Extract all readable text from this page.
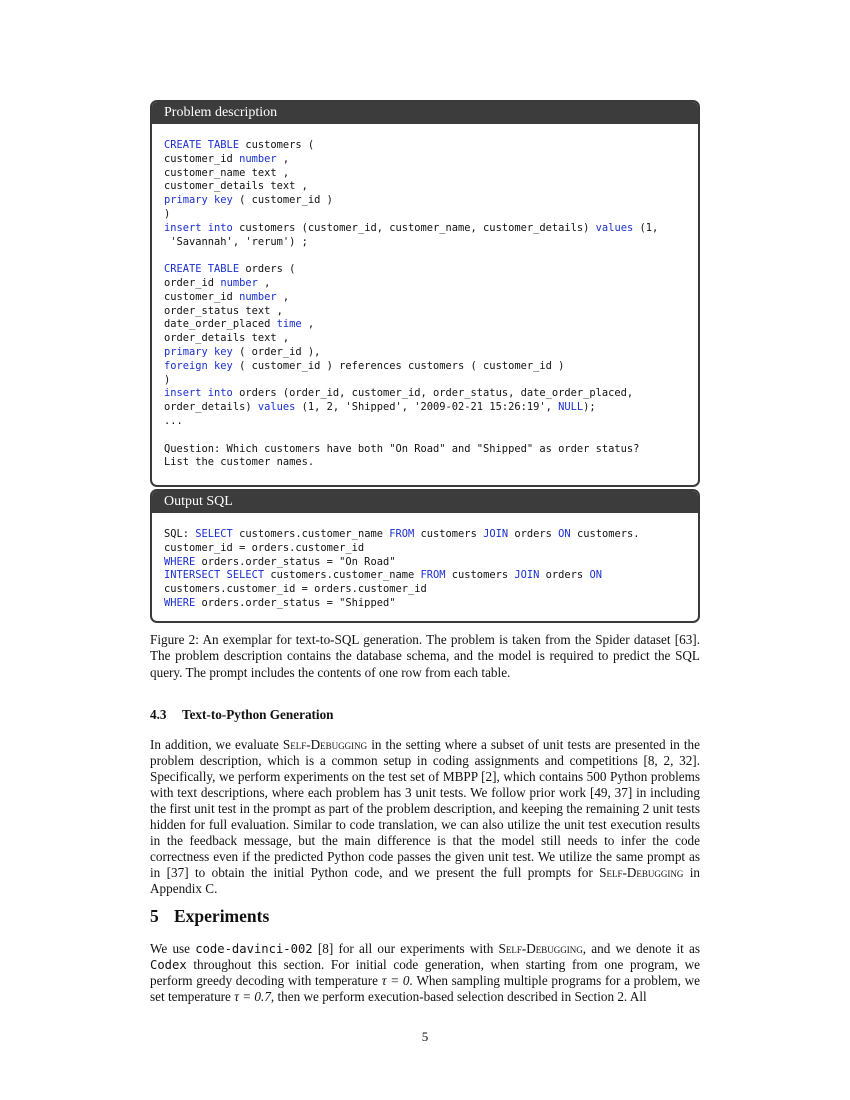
Problem description
CREATE TABLE customers (
customer_id number ,
customer_name text ,
customer_details text ,
primary key ( customer_id )
)
insert into customers (customer_id, customer_name, customer_details) values (1,
'Savannah', 'rerum') ;
CREATE TABLE orders (
order_id number ,
customer_id number ,
order_status text ,
date_order_placed time ,
order_details text ,
primary key ( order_id ),
foreign key ( customer_id ) references customers ( customer_id )
)
insert into orders (order_id, customer_id, order_status, date_order_placed,
order_details) values (1, 2, 'Shipped', '2009-02-21 15:26:19', NULL);
...
Question: Which customers have both "On Road" and "Shipped" as order status?
List the customer names.
Output SQL
SQL: SELECT customers.customer_name FROM customers JOIN orders ON customers.
customer_id = orders.customer_id
WHERE orders.order_status = "On Road"
INTERSECT SELECT customers.customer_name FROM customers JOIN orders ON
customers.customer_id = orders.customer_id
WHERE orders.order_status = "Shipped"
Figure 2: An exemplar for text-to-SQL generation. The problem is taken from the Spider dataset [63]. The problem description contains the database schema, and the model is required to predict the SQL query. The prompt includes the contents of one row from each table.
4.3 Text-to-Python Generation
In addition, we evaluate Self-Debugging in the setting where a subset of unit tests are presented in the problem description, which is a common setup in coding assignments and competitions [8, 2, 32]. Specifically, we perform experiments on the test set of MBPP [2], which contains 500 Python problems with text descriptions, where each problem has 3 unit tests. We follow prior work [49, 37] in including the first unit test in the prompt as part of the problem description, and keeping the remaining 2 unit tests hidden for full evaluation. Similar to code translation, we can also utilize the unit test execution results in the feedback message, but the main difference is that the model still needs to infer the code correctness even if the predicted Python code passes the given unit test. We utilize the same prompt as in [37] to obtain the initial Python code, and we present the full prompts for Self-Debugging in Appendix C.
5 Experiments
We use code-davinci-002 [8] for all our experiments with Self-Debugging, and we denote it as Codex throughout this section. For initial code generation, when starting from one program, we perform greedy decoding with temperature τ = 0. When sampling multiple programs for a problem, we set temperature τ = 0.7, then we perform execution-based selection described in Section 2. All
5
